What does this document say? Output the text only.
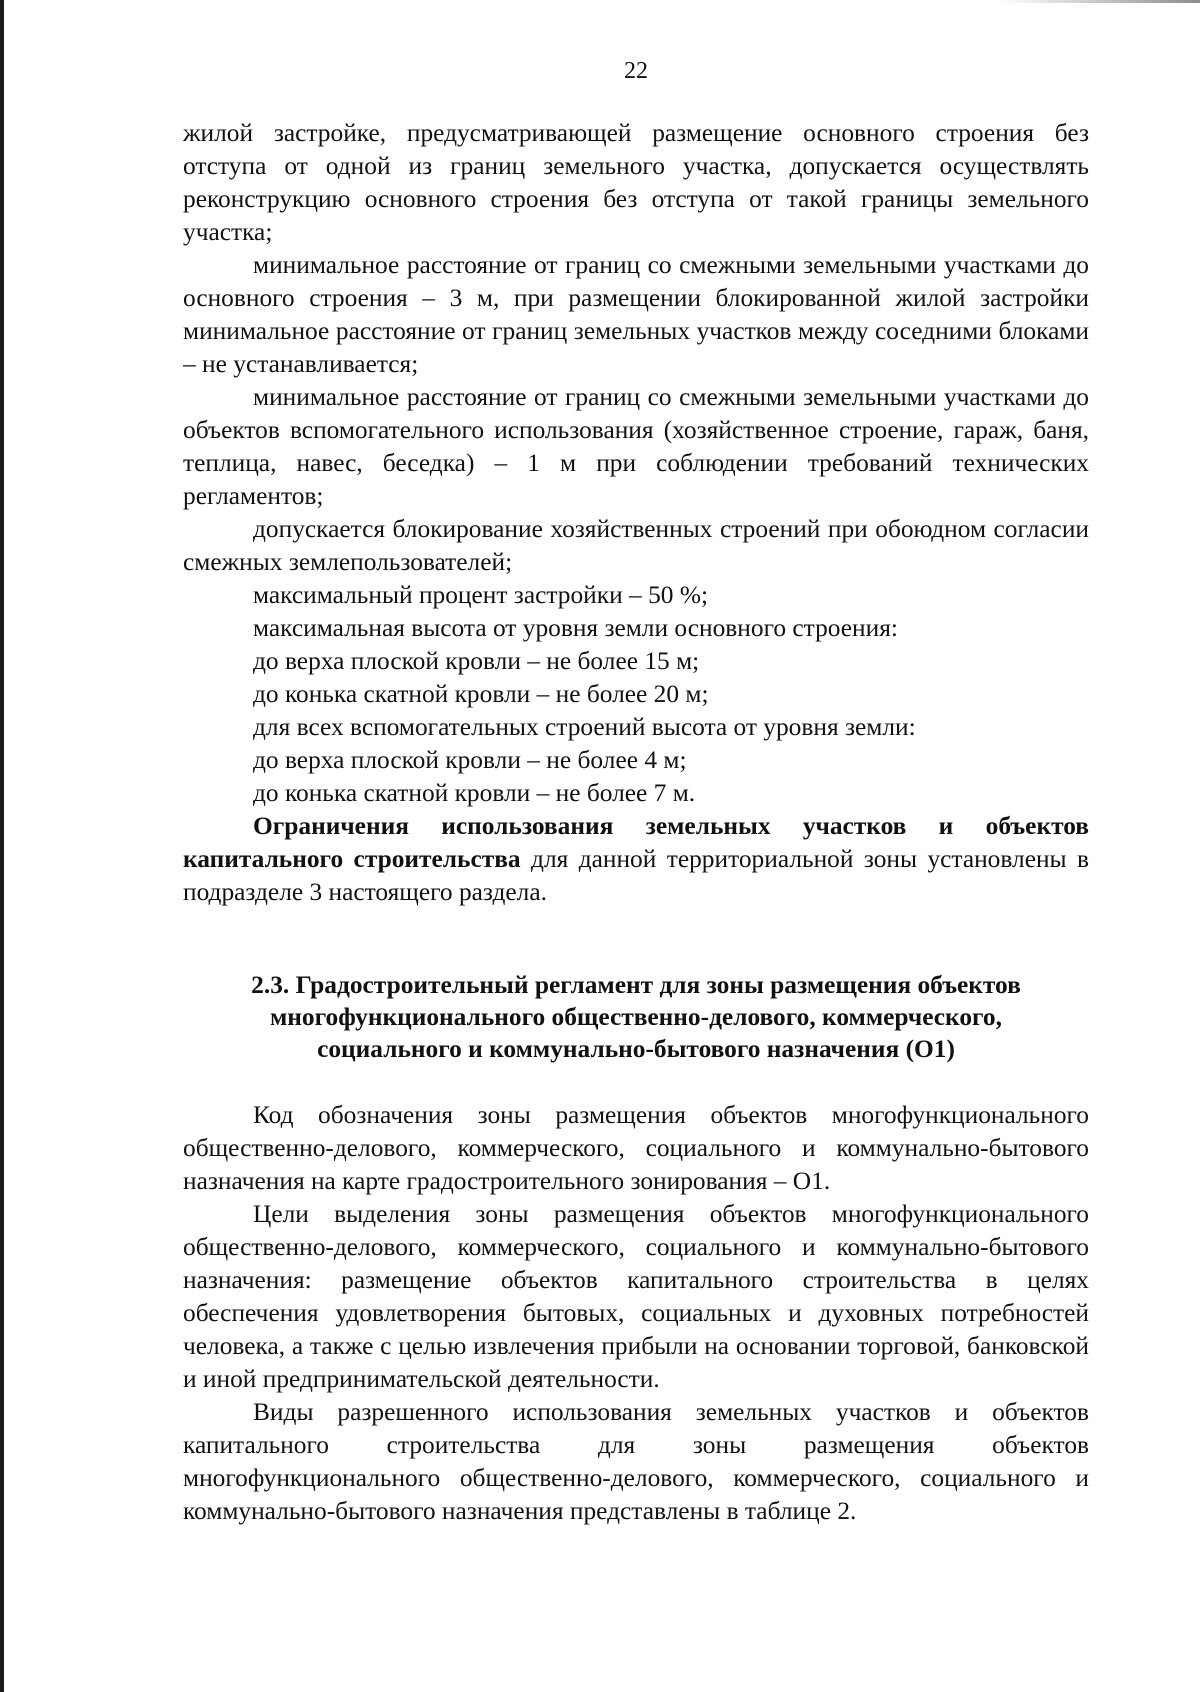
22

жилой застройке, предусматривающей размещение основного строения без отступа от одной из границ земельного участка, допускается осуществлять реконструкцию основного строения без отступа от такой границы земельного участка;

минимальное расстояние от границ со смежными земельными участками до основного строения – 3 м, при размещении блокированной жилой застройки минимальное расстояние от границ земельных участков между соседними блоками – не устанавливается;

минимальное расстояние от границ со смежными земельными участками до объектов вспомогательного использования (хозяйственное строение, гараж, баня, теплица, навес, беседка) – 1 м при соблюдении требований технических регламентов;

допускается блокирование хозяйственных строений при обоюдном согласии смежных землепользователей;

максимальный процент застройки – 50 %;

максимальная высота от уровня земли основного строения:

до верха плоской кровли – не более 15 м;

до конька скатной кровли – не более 20 м;

для всех вспомогательных строений высота от уровня земли:

до верха плоской кровли – не более 4 м;

до конька скатной кровли – не более 7 м.

Ограничения использования земельных участков и объектов капитального строительства для данной территориальной зоны установлены в подразделе 3 настоящего раздела.

2.3. Градостроительный регламент для зоны размещения объектов
многофункционального общественно-делового, коммерческого,
социального и коммунально-бытового назначения (О1)

Код обозначения зоны размещения объектов многофункционального общественно-делового, коммерческого, социального и коммунально-бытового назначения на карте градостроительного зонирования – О1.

Цели выделения зоны размещения объектов многофункционального общественно-делового, коммерческого, социального и коммунально-бытового назначения: размещение объектов капитального строительства в целях обеспечения удовлетворения бытовых, социальных и духовных потребностей человека, а также с целью извлечения прибыли на основании торговой, банковской и иной предпринимательской деятельности.

Виды разрешенного использования земельных участков и объектов капитального строительства для зоны размещения объектов многофункционального общественно-делового, коммерческого, социального и коммунально-бытового назначения представлены в таблице 2.
